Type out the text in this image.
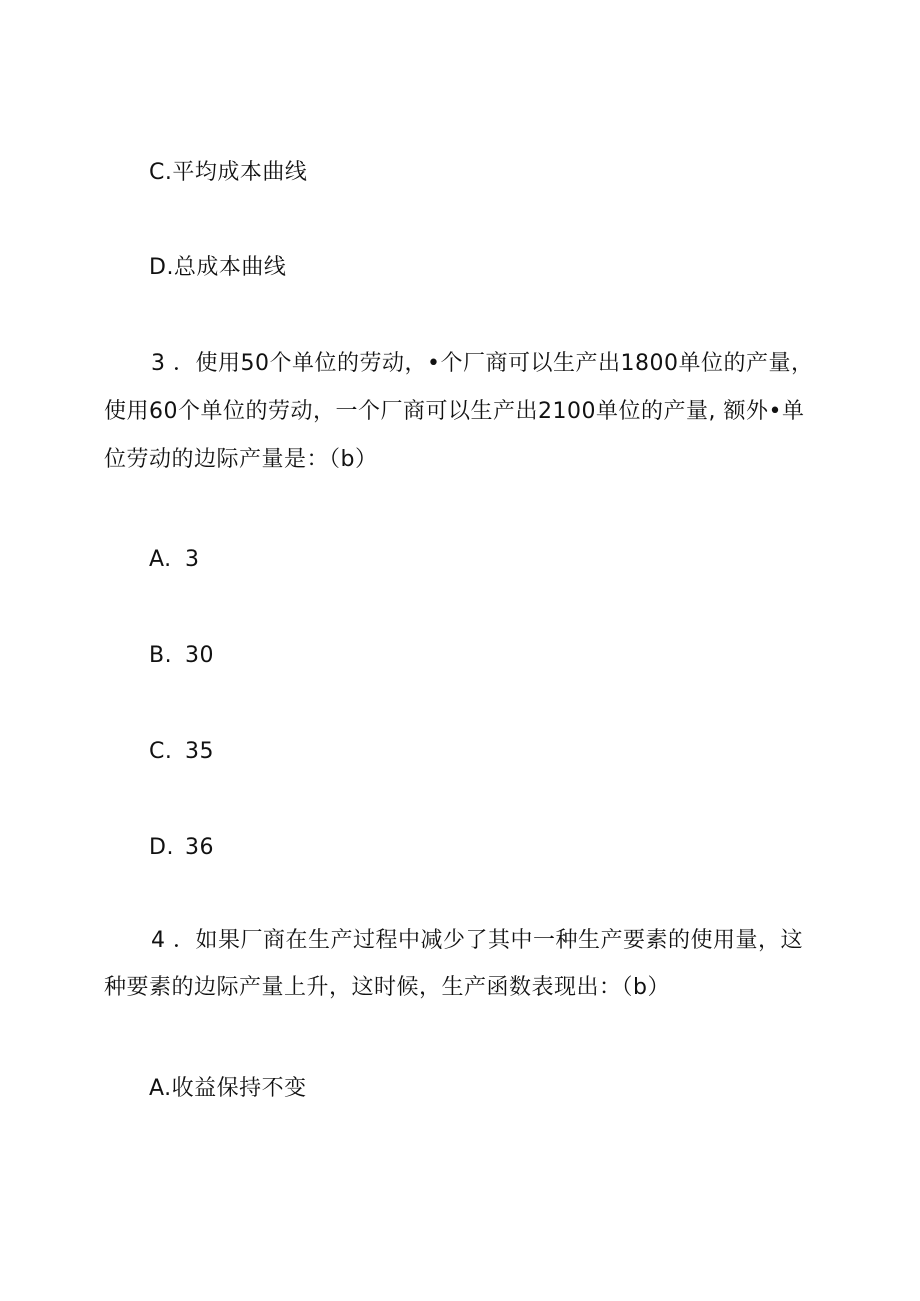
C.平均成本曲线
D.总成本曲线
3 ．使用50个单位的劳动，•个厂商可以生产出1800单位的产量，
使用60个单位的劳动，一个厂商可以生产出2100单位的产量, 额外•单
位劳动的边际产量是：（b）
A. 3
B. 30
C. 35
D. 36
4 ．如果厂商在生产过程中减少了其中一种生产要素的使用量，这
种要素的边际产量上升，这时候，生产函数表现出：（b）
A.收益保持不变
